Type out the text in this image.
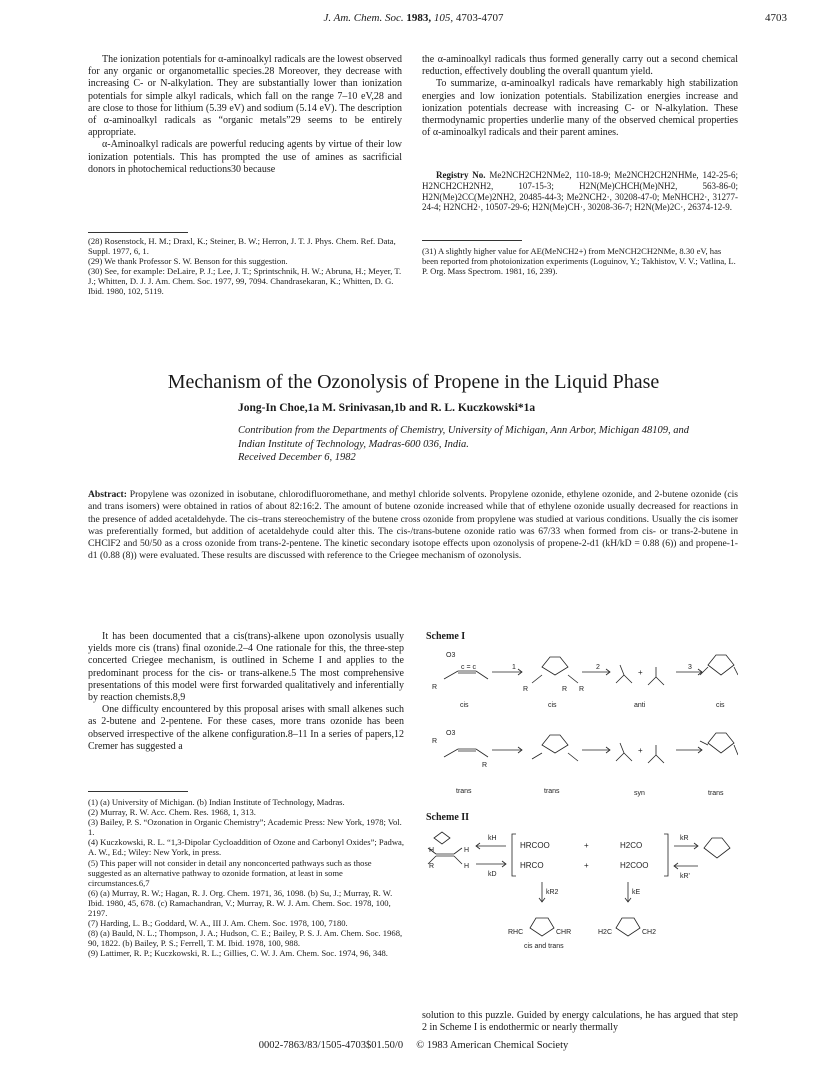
J. Am. Chem. Soc. 1983, 105, 4703-4707	4703

The ionization potentials for α-aminoalkyl radicals are the lowest observed for any organic or organometallic species.28 Moreover, they decrease with increasing C- or N-alkylation. They are substantially lower than ionization potentials for simple alkyl radicals, which fall on the range 7–10 eV,28 and are close to those for lithium (5.39 eV) and sodium (5.14 eV). The description of α-aminoalkyl radicals as “organic metals”29 seems to be entirely appropriate.

α-Aminoalkyl radicals are powerful reducing agents by virtue of their low ionization potentials. This has prompted the use of amines as sacrificial donors in photochemical reductions30 because

(28) Rosenstock, H. M.; Draxl, K.; Steiner, B. W.; Herron, J. T. J. Phys. Chem. Ref. Data, Suppl. 1977, 6, 1.
(29) We thank Professor S. W. Benson for this suggestion.
(30) See, for example: DeLaire, P. J.; Lee, J. T.; Sprintschnik, H. W.; Abruna, H.; Meyer, T. J.; Whitten, D. J. J. Am. Chem. Soc. 1977, 99, 7094. Chandrasekaran, K.; Whitten, D. G. Ibid. 1980, 102, 5119.

the α-aminoalkyl radicals thus formed generally carry out a second chemical reduction, effectively doubling the overall quantum yield.

To summarize, α-aminoalkyl radicals have remarkably high stabilization energies and low ionization potentials. Stabilization energies increase and ionization potentials decrease with increasing C- or N-alkylation. These thermodynamic properties underlie many of the observed chemical properties of α-aminoalkyl radicals and their parent amines.

Registry No. Me2NCH2CH2NMe2, 110-18-9; Me2NCH2CH2NHMe, 142-25-6; H2NCH2CH2NH2, 107-15-3; H2N(Me)CHCH(Me)NH2, 563-86-0; H2N(Me)2CC(Me)2NH2, 20485-44-3; Me2NCH2·, 30208-47-0; MeNHCH2·, 31277-24-4; H2NCH2·, 10507-29-6; H2N(Me)CH·, 30208-36-7; H2N(Me)2C·, 26374-12-9.
(31) A slightly higher value for AE(MeNCH2+) from MeNCH2CH2NMe, 8.30 eV, has been reported from photoionization experiments (Loguinov, Y.; Takhistov, V. V.; Vatlina, L. P. Org. Mass Spectrom. 1981, 16, 239).
Mechanism of the Ozonolysis of Propene in the Liquid Phase
Jong-In Choe,1a M. Srinivasan,1b and R. L. Kuczkowski*1a
Contribution from the Departments of Chemistry, University of Michigan, Ann Arbor, Michigan 48109, and Indian Institute of Technology, Madras-600 036, India.
Received December 6, 1982
Abstract: Propylene was ozonized in isobutane, chlorodifluoromethane, and methyl chloride solvents. Propylene ozonide, ethylene ozonide, and 2-butene ozonide (cis and trans isomers) were obtained in ratios of about 82:16:2. The amount of butene ozonide increased while that of ethylene ozonide usually decreased for reactions in the presence of added acetaldehyde. The cis–trans stereochemistry of the butene cross ozonide from propylene was studied at various conditions. Usually the cis isomer was preferentially formed, but addition of acetaldehyde could alter this. The cis-/trans-butene ozonide ratio was 67/33 when formed from cis- or trans-2-butene in CHClF2 and 50/50 as a cross ozonide from trans-2-pentene. The kinetic secondary isotope effects upon ozonolysis of propene-2-d1 (kH/kD = 0.88 (6)) and propene-1-d1 (0.88 (8)) were evaluated. These results are discussed with reference to the Criegee mechanism of ozonolysis.

It has been documented that a cis(trans)-alkene upon ozonolysis usually yields more cis (trans) final ozonide.2–4 One rationale for this, the three-step concerted Criegee mechanism, is outlined in Scheme I and applies to the predominant process for the cis- or trans-alkene.5 The most comprehensive presentations of this model were first forwarded qualitatively and inferentially by reaction chemists.8,9

One difficulty encountered by this proposal arises with small alkenes such as 2-butene and 2-pentene. For these cases, more trans ozonide has been observed irrespective of the alkene configuration.8–11 In a series of papers,12 Cremer has suggested a

(1) (a) University of Michigan. (b) Indian Institute of Technology, Madras.
(2) Murray, R. W. Acc. Chem. Res. 1968, 1, 313.
(3) Bailey, P. S. “Ozonation in Organic Chemistry”; Academic Press: New York, 1978; Vol. 1.
(4) Kuczkowski, R. L. “1,3-Dipolar Cycloaddition of Ozone and Carbonyl Oxides”; Padwa, A. W., Ed.; Wiley: New York, in press.
(5) This paper will not consider in detail any nonconcerted pathways such as those suggested as an alternative pathway to ozonide formation, at least in some circumstances.6,7
(6) (a) Murray, R. W.; Hagan, R. J. Org. Chem. 1971, 36, 1098. (b) Su, J.; Murray, R. W. Ibid. 1980, 45, 678. (c) Ramachandran, V.; Murray, R. W. J. Am. Chem. Soc. 1978, 100, 2197.
(7) Harding, L. B.; Goddard, W. A., III J. Am. Chem. Soc. 1978, 100, 7180.
(8) (a) Bauld, N. L.; Thompson, J. A.; Hudson, C. E.; Bailey, P. S. J. Am. Chem. Soc. 1968, 90, 1822. (b) Bailey, P. S.; Ferrell, T. M. Ibid. 1978, 100, 988.
(9) Lattimer, R. P.; Kuczkowski, R. L.; Gillies, C. W. J. Am. Chem. Soc. 1974, 96, 348.
Scheme I
O3
R
c = c
R	R R
+
O3
R
R
+
1	2	3
cis	cis	anti	cis
trans	trans	syn	trans
Scheme II
H
R
H
H
kH
kD
HRCOO	+	H2CO
HRCO	+	H2COO
kR
kR'
kR2	kE
RHC	CHR	H2C	CH2
cis and trans

solution to this puzzle. Guided by energy calculations, he has argued that step 2 in Scheme I is endothermic or nearly thermally

0002-7863/83/1505-4703$01.50/0 © 1983 American Chemical Society
